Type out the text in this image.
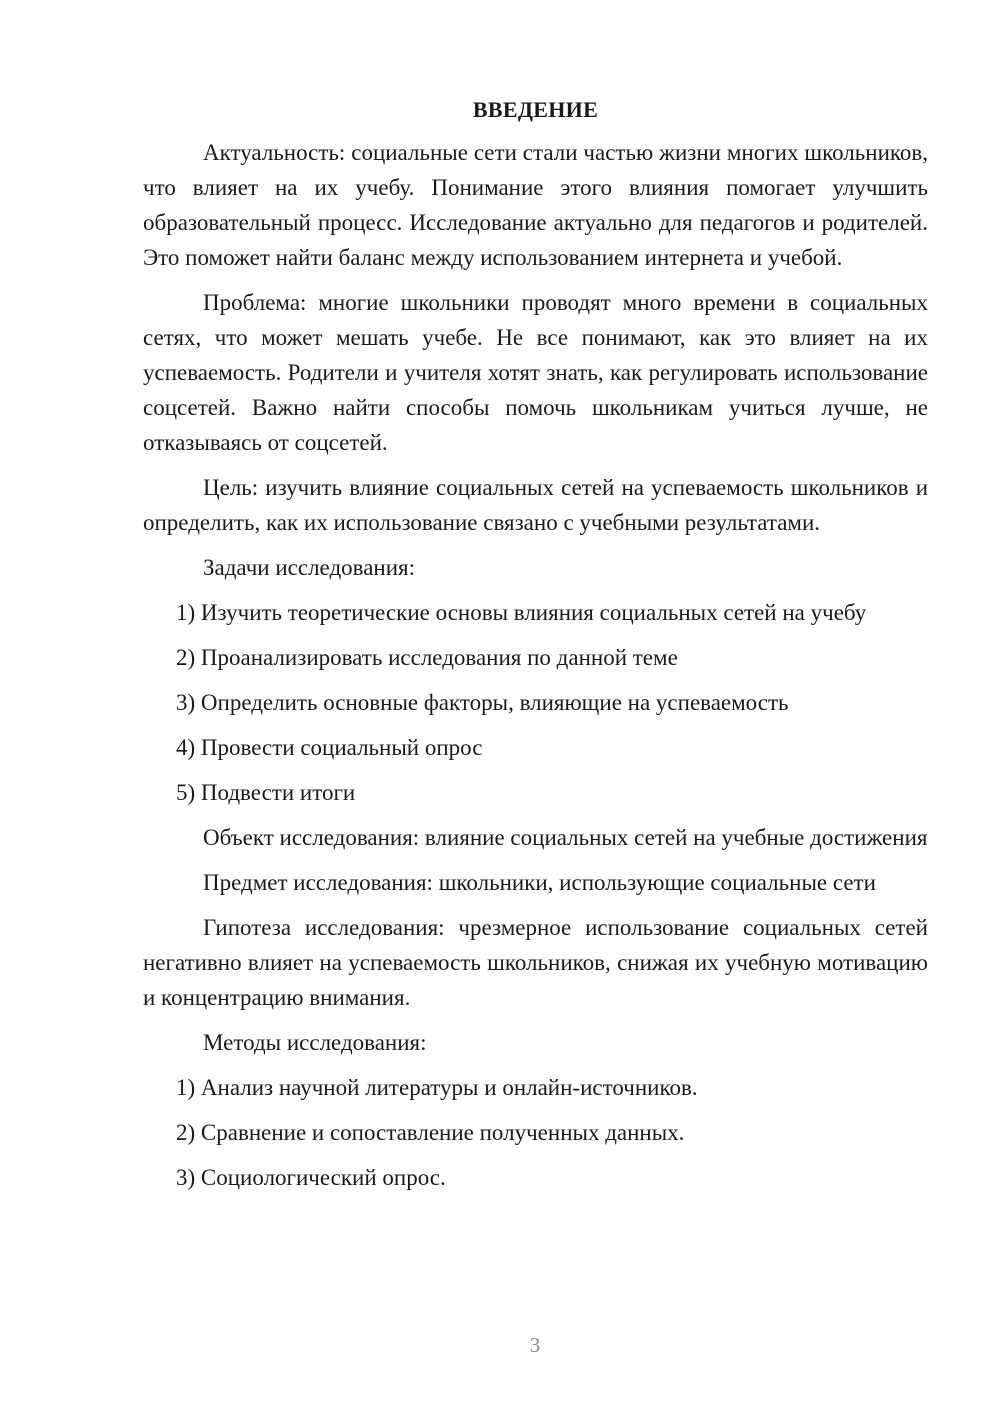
ВВЕДЕНИЕ

Актуальность: социальные сети стали частью жизни многих школьников, что влияет на их учебу. Понимание этого влияния помогает улучшить образовательный процесс. Исследование актуально для педагогов и родителей. Это поможет найти баланс между использованием интернета и учебой.

Проблема: многие школьники проводят много времени в социальных сетях, что может мешать учебе. Не все понимают, как это влияет на их успеваемость. Родители и учителя хотят знать, как регулировать использование соцсетей. Важно найти способы помочь школьникам учиться лучше, не отказываясь от соцсетей.

Цель: изучить влияние социальных сетей на успеваемость школьников и определить, как их использование связано с учебными результатами.

Задачи исследования:

1) Изучить теоретические основы влияния социальных сетей на учебу
2) Проанализировать исследования по данной теме
3) Определить основные факторы, влияющие на успеваемость
4) Провести социальный опрос
5) Подвести итоги

Объект исследования: влияние социальных сетей на учебные достижения

Предмет исследования: школьники, использующие социальные сети

Гипотеза исследования: чрезмерное использование социальных сетей негативно влияет на успеваемость школьников, снижая их учебную мотивацию и концентрацию внимания.

Методы исследования:

1) Анализ научной литературы и онлайн-источников.
2) Сравнение и сопоставление полученных данных.
3) Социологический опрос.
3
